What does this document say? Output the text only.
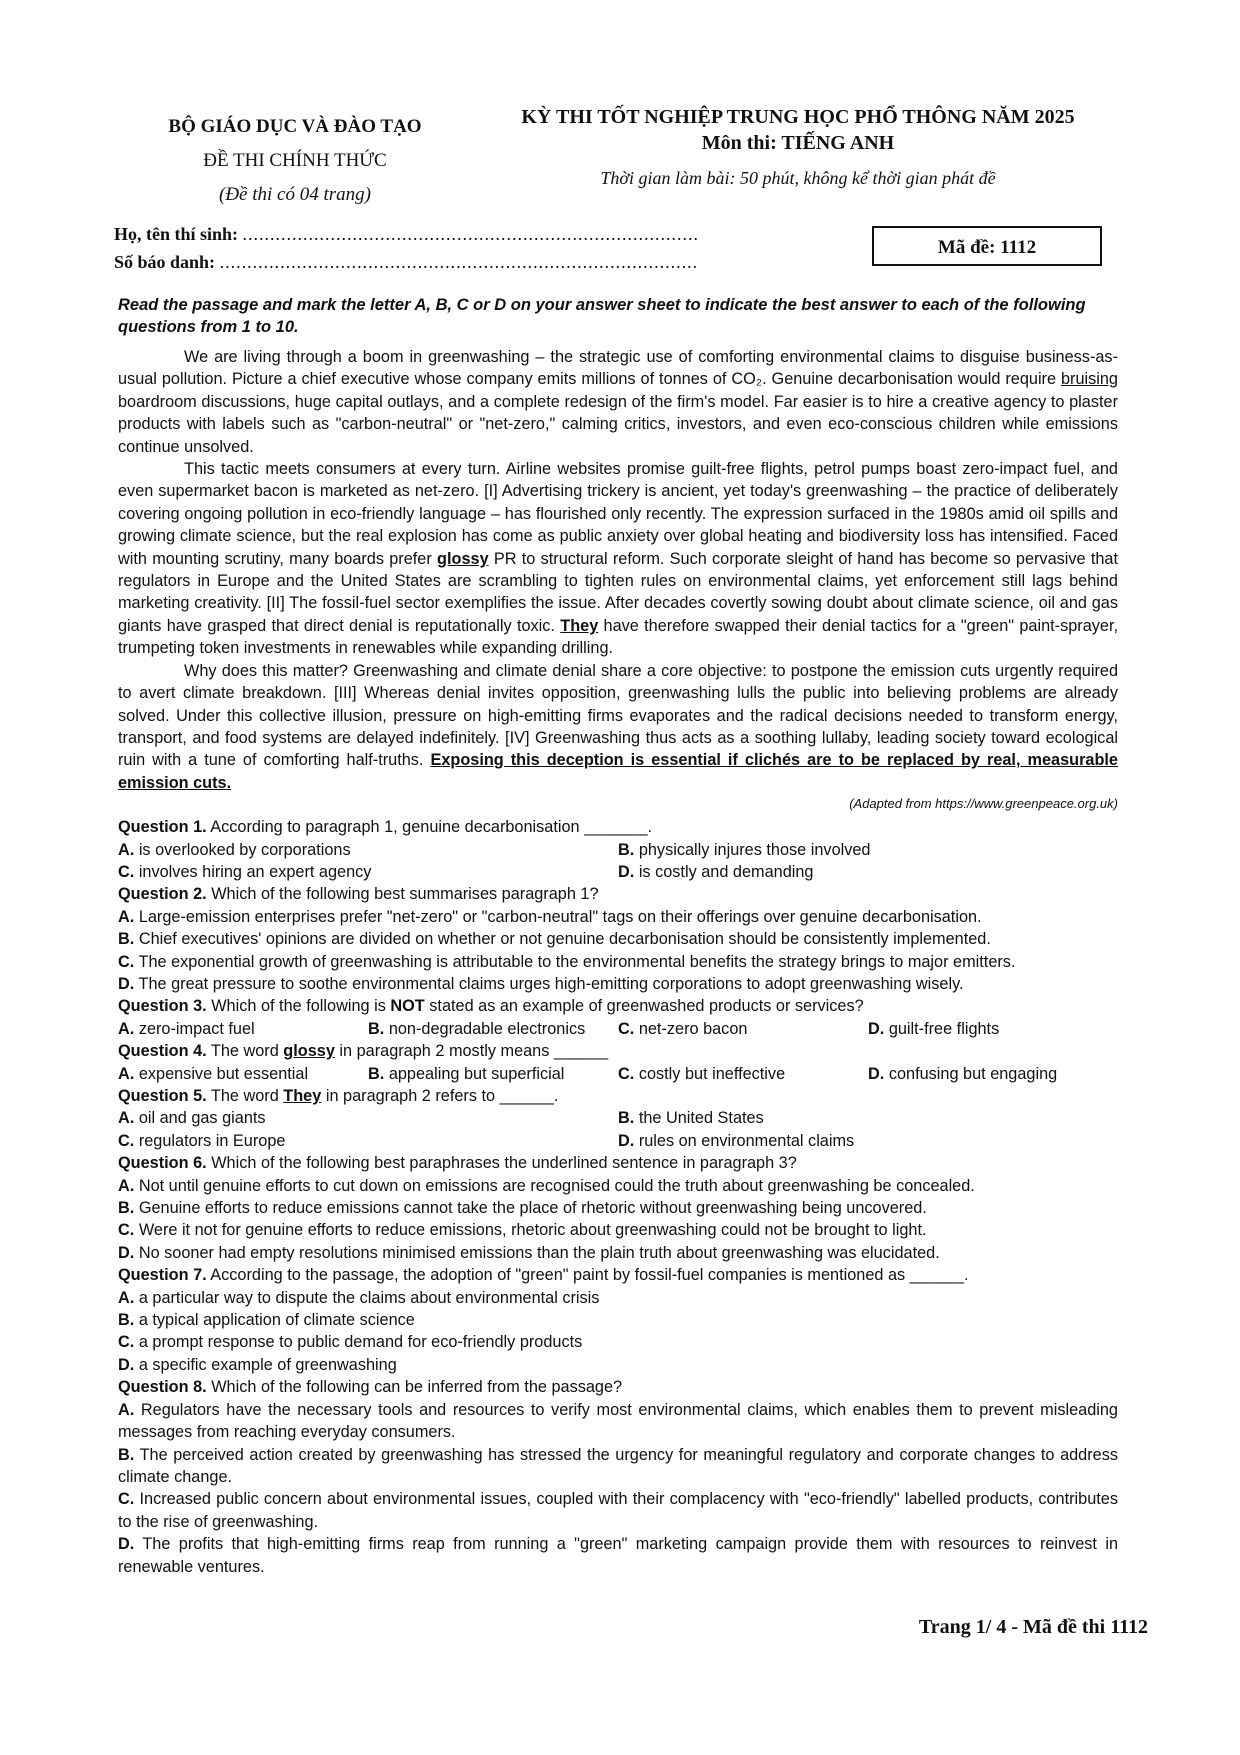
BỘ GIÁO DỤC VÀ ĐÀO TẠO
ĐỀ THI CHÍNH THỨC
(Đề thi có 04 trang)
KỲ THI TỐT NGHIỆP TRUNG HỌC PHỔ THÔNG NĂM 2025
Môn thi: TIẾNG ANH
Thời gian làm bài: 50 phút, không kể thời gian phát đề
Họ, tên thí sinh: ...................................................................................
Số báo danh: .......................................................................................
Mã đề: 1112

Read the passage and mark the letter A, B, C or D on your answer sheet to indicate the best answer to each of the following questions from 1 to 10.

We are living through a boom in greenwashing – the strategic use of comforting environmental claims to disguise business-as-usual pollution. Picture a chief executive whose company emits millions of tonnes of CO₂. Genuine decarbonisation would require bruising boardroom discussions, huge capital outlays, and a complete redesign of the firm's model. Far easier is to hire a creative agency to plaster products with labels such as "carbon-neutral" or "net-zero," calming critics, investors, and even eco-conscious children while emissions continue unsolved.

This tactic meets consumers at every turn. Airline websites promise guilt-free flights, petrol pumps boast zero-impact fuel, and even supermarket bacon is marketed as net-zero. [I] Advertising trickery is ancient, yet today's greenwashing – the practice of deliberately covering ongoing pollution in eco-friendly language – has flourished only recently. The expression surfaced in the 1980s amid oil spills and growing climate science, but the real explosion has come as public anxiety over global heating and biodiversity loss has intensified. Faced with mounting scrutiny, many boards prefer glossy PR to structural reform. Such corporate sleight of hand has become so pervasive that regulators in Europe and the United States are scrambling to tighten rules on environmental claims, yet enforcement still lags behind marketing creativity. [II] The fossil-fuel sector exemplifies the issue. After decades covertly sowing doubt about climate science, oil and gas giants have grasped that direct denial is reputationally toxic. They have therefore swapped their denial tactics for a "green" paint-sprayer, trumpeting token investments in renewables while expanding drilling.

Why does this matter? Greenwashing and climate denial share a core objective: to postpone the emission cuts urgently required to avert climate breakdown. [III] Whereas denial invites opposition, greenwashing lulls the public into believing problems are already solved. Under this collective illusion, pressure on high-emitting firms evaporates and the radical decisions needed to transform energy, transport, and food systems are delayed indefinitely. [IV] Greenwashing thus acts as a soothing lullaby, leading society toward ecological ruin with a tune of comforting half-truths. Exposing this deception is essential if clichés are to be replaced by real, measurable emission cuts.

(Adapted from https://www.greenpeace.org.uk)

Question 1. According to paragraph 1, genuine decarbonisation _______.

A. is overlooked by corporations	B. physically injures those involved
C. involves hiring an expert agency	D. is costly and demanding

Question 2. Which of the following best summarises paragraph 1?

A. Large-emission enterprises prefer "net-zero" or "carbon-neutral" tags on their offerings over genuine decarbonisation.

B. Chief executives' opinions are divided on whether or not genuine decarbonisation should be consistently implemented.

C. The exponential growth of greenwashing is attributable to the environmental benefits the strategy brings to major emitters.

D. The great pressure to soothe environmental claims urges high-emitting corporations to adopt greenwashing wisely.

Question 3. Which of the following is NOT stated as an example of greenwashed products or services?

A. zero-impact fuel	B. non-degradable electronics	C. net-zero bacon	D. guilt-free flights

Question 4. The word glossy in paragraph 2 mostly means ______

A. expensive but essential	B. appealing but superficial	C. costly but ineffective	D. confusing but engaging

Question 5. The word They in paragraph 2 refers to ______.

A. oil and gas giants	B. the United States
C. regulators in Europe	D. rules on environmental claims

Question 6. Which of the following best paraphrases the underlined sentence in paragraph 3?

A. Not until genuine efforts to cut down on emissions are recognised could the truth about greenwashing be concealed.

B. Genuine efforts to reduce emissions cannot take the place of rhetoric without greenwashing being uncovered.

C. Were it not for genuine efforts to reduce emissions, rhetoric about greenwashing could not be brought to light.

D. No sooner had empty resolutions minimised emissions than the plain truth about greenwashing was elucidated.

Question 7. According to the passage, the adoption of "green" paint by fossil-fuel companies is mentioned as ______.

A. a particular way to dispute the claims about environmental crisis

B. a typical application of climate science

C. a prompt response to public demand for eco-friendly products

D. a specific example of greenwashing

Question 8. Which of the following can be inferred from the passage?

A. Regulators have the necessary tools and resources to verify most environmental claims, which enables them to prevent misleading messages from reaching everyday consumers.

B. The perceived action created by greenwashing has stressed the urgency for meaningful regulatory and corporate changes to address climate change.

C. Increased public concern about environmental issues, coupled with their complacency with "eco-friendly" labelled products, contributes to the rise of greenwashing.

D. The profits that high-emitting firms reap from running a "green" marketing campaign provide them with resources to reinvest in renewable ventures.

Trang 1/ 4 - Mã đề thi 1112
